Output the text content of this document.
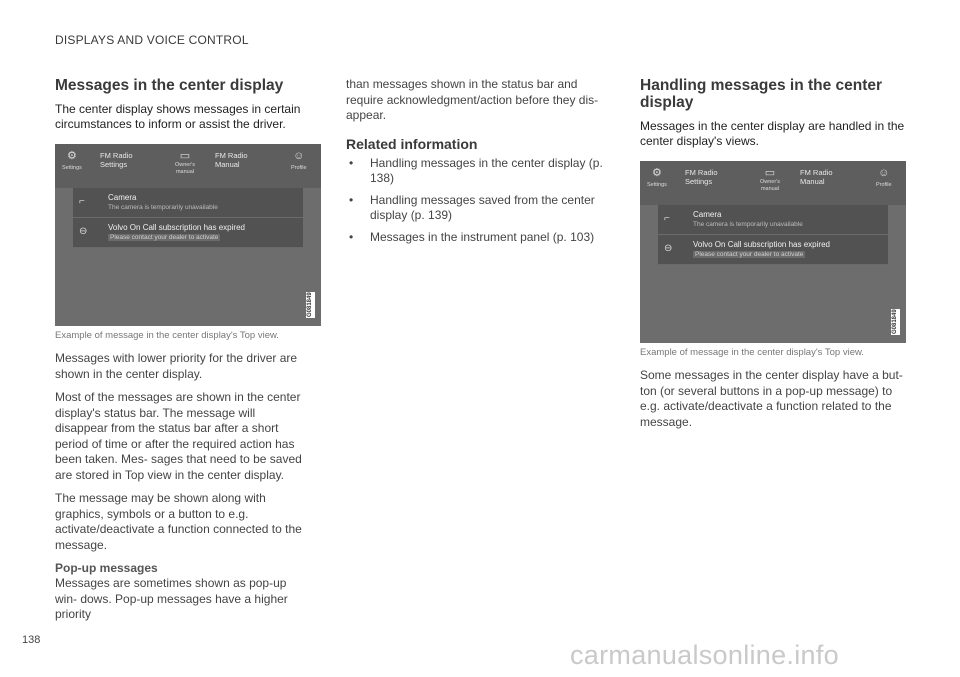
DISPLAYS AND VOICE CONTROL
Messages in the center display
The center display shows messages in certain circumstances to inform or assist the driver.
⚙
Settings
FM Radio
Settings
▭
Owner's
manual
FM Radio
Manual
☺
Profile
⌐	Camera
The camera is temporarily unavailable
⊖	Volvo On Call subscription has expired
Please contact your dealer to activate
G081849
Example of message in the center display's Top view.

Messages with lower priority for the driver are shown in the center display.

Most of the messages are shown in the center display's status bar. The message will disappear from the status bar after a short period of time or after the required action has been taken. Mes- sages that need to be saved are stored in Top view in the center display.

The message may be shown along with graphics, symbols or a button to e.g. activate/deactivate a function connected to the message.

Pop-up messages

Messages are sometimes shown as pop-up win- dows. Pop-up messages have a higher priority

than messages shown in the status bar and require acknowledgment/action before they dis- appear.

Related information
• Handling messages in the center display (p. 138)
• Handling messages saved from the center display (p. 139)
• Messages in the instrument panel (p. 103)
Handling messages in the center display
Messages in the center display are handled in the center display's views.
⚙
Settings
FM Radio
Settings
▭
Owner's
manual
FM Radio
Manual
☺
Profile
⌐	Camera
The camera is temporarily unavailable
⊖	Volvo On Call subscription has expired
Please contact your dealer to activate
G081849
Example of message in the center display's Top view.

Some messages in the center display have a but- ton (or several buttons in a pop-up message) to e.g. activate/deactivate a function related to the message.

138	carmanualsonline.info
